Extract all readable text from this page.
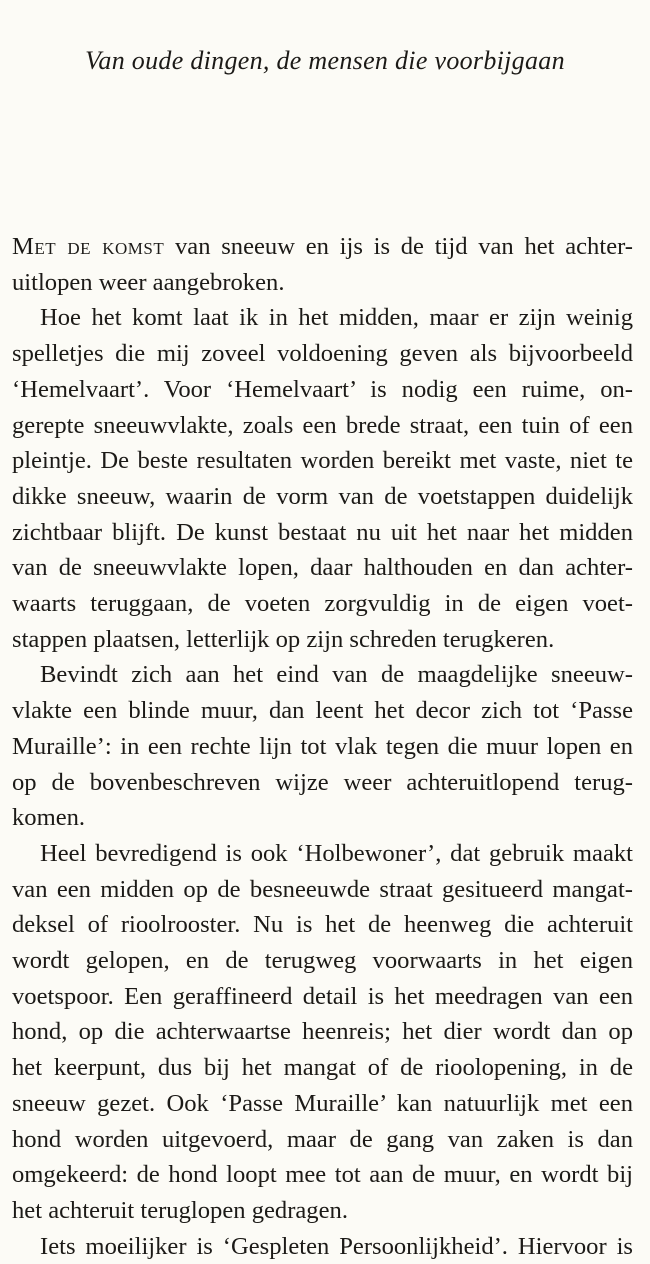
Van oude dingen, de mensen die voorbijgaan
Met de komst van sneeuw en ijs is de tijd van het achter-
uitlopen weer aangebroken.
Hoe het komt laat ik in het midden, maar er zijn weinig
spelletjes die mij zoveel voldoening geven als bijvoorbeeld
‘Hemelvaart’. Voor ‘Hemelvaart’ is nodig een ruime, on-
gerepte sneeuwvlakte, zoals een brede straat, een tuin of een
pleintje. De beste resultaten worden bereikt met vaste, niet te
dikke sneeuw, waarin de vorm van de voetstappen duidelijk
zichtbaar blijft. De kunst bestaat nu uit het naar het midden
van de sneeuwvlakte lopen, daar halthouden en dan achter-
waarts teruggaan, de voeten zorgvuldig in de eigen voet-
stappen plaatsen, letterlijk op zijn schreden terugkeren.
Bevindt zich aan het eind van de maagdelijke sneeuw-
vlakte een blinde muur, dan leent het decor zich tot ‘Passe
Muraille’: in een rechte lijn tot vlak tegen die muur lopen en
op de bovenbeschreven wijze weer achteruitlopend terug-
komen.
Heel bevredigend is ook ‘Holbewoner’, dat gebruik maakt
van een midden op de besneeuwde straat gesitueerd mangat-
deksel of rioolrooster. Nu is het de heenweg die achteruit
wordt gelopen, en de terugweg voorwaarts in het eigen
voetspoor. Een geraffineerd detail is het meedragen van een
hond, op die achterwaartse heenreis; het dier wordt dan op
het keerpunt, dus bij het mangat of de rioolopening, in de
sneeuw gezet. Ook ‘Passe Muraille’ kan natuurlijk met een
hond worden uitgevoerd, maar de gang van zaken is dan
omgekeerd: de hond loopt mee tot aan de muur, en wordt bij
het achteruit teruglopen gedragen.
Iets moeilijker is ‘Gespleten Persoonlijkheid’. Hiervoor is
